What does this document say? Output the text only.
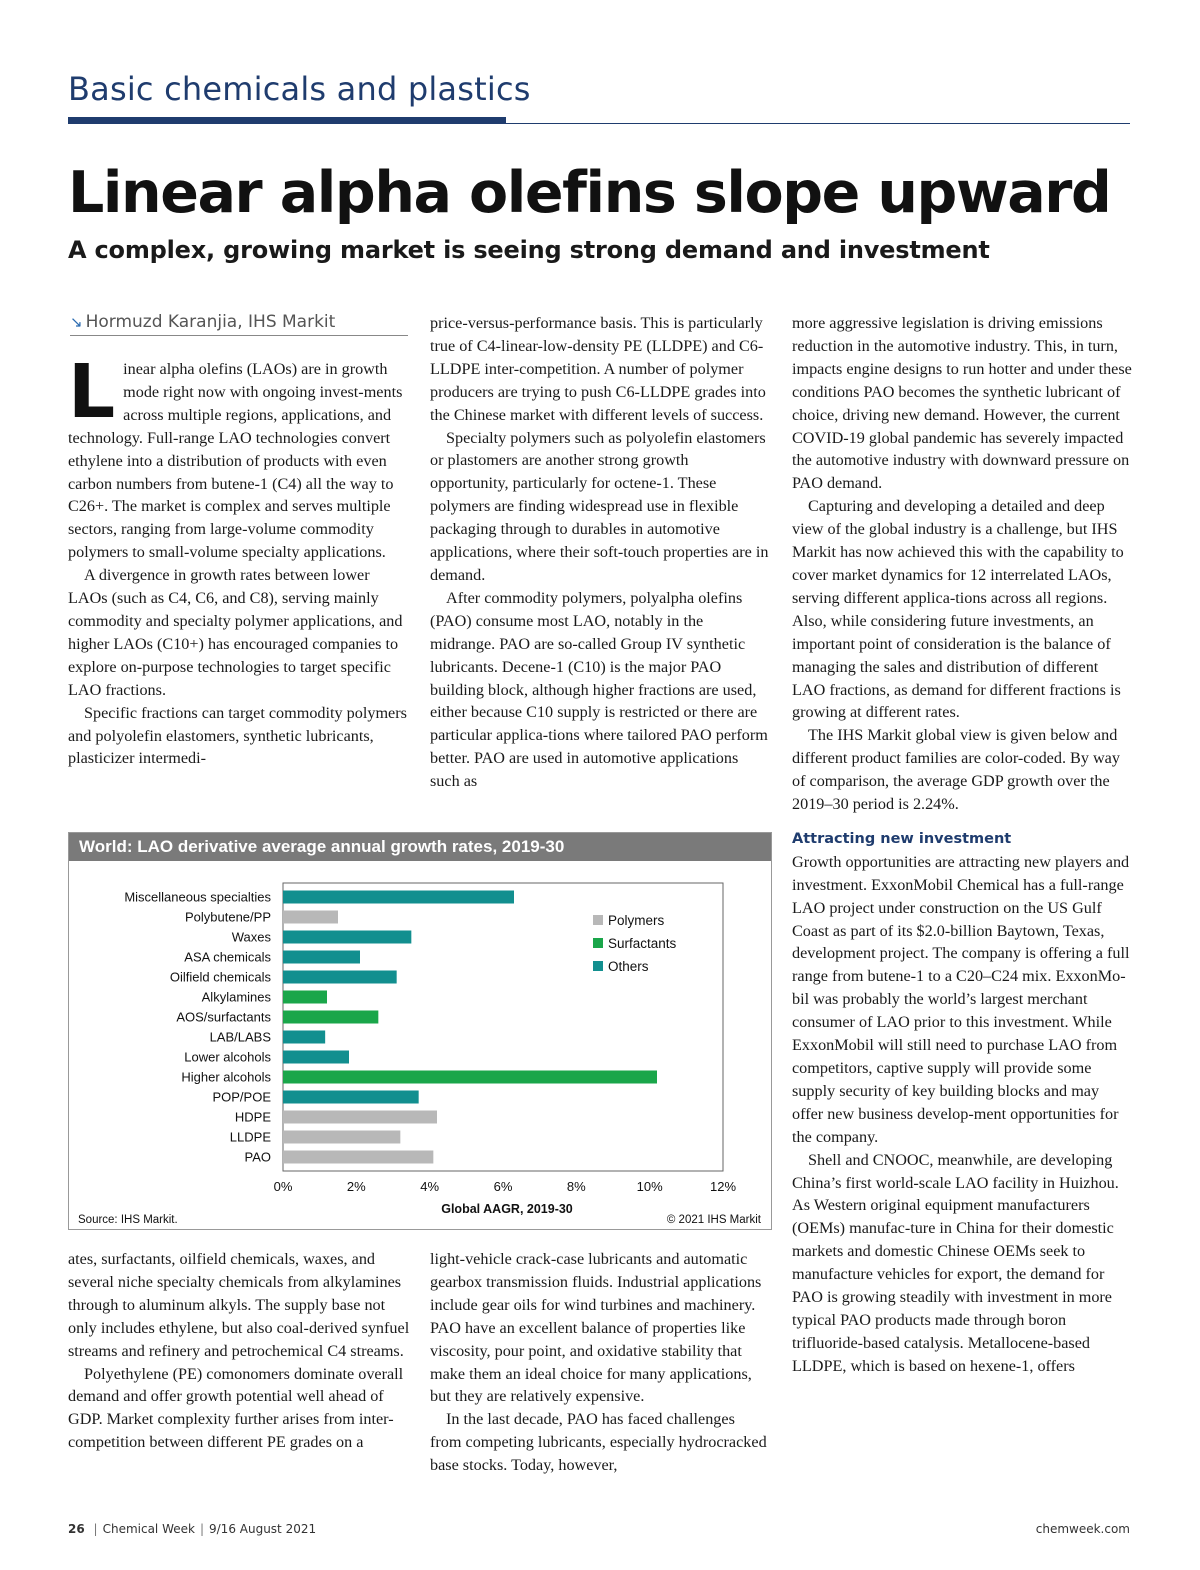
Basic chemicals and plastics
Linear alpha olefins slope upward
A complex, growing market is seeing strong demand and investment
↘ Hormuzd Karanjia, IHS Markit
L inear alpha olefins (LAOs) are in growth mode right now with ongoing invest-ments across multiple regions, applications, and technology. Full-range LAO technologies convert ethylene into a distribution of products with even carbon numbers from butene-1 (C4) all the way to C26+. The market is complex and serves multiple sectors, ranging from large-volume commodity polymers to small-volume specialty applications.

A divergence in growth rates between lower LAOs (such as C4, C6, and C8), serving mainly commodity and specialty polymer applications, and higher LAOs (C10+) has encouraged companies to explore on-purpose technologies to target specific LAO fractions.

Specific fractions can target commodity polymers and polyolefin elastomers, synthetic lubricants, plasticizer intermedi-

price-versus-performance basis. This is particularly true of C4-linear-low-density PE (LLDPE) and C6-LLDPE inter-competition. A number of polymer producers are trying to push C6-LLDPE grades into the Chinese market with different levels of success.

Specialty polymers such as polyolefin elastomers or plastomers are another strong growth opportunity, particularly for octene-1. These polymers are finding widespread use in flexible packaging through to durables in automotive applications, where their soft-touch properties are in demand.

After commodity polymers, polyalpha olefins (PAO) consume most LAO, notably in the midrange. PAO are so-called Group IV synthetic lubricants. Decene-1 (C10) is the major PAO building block, although higher fractions are used, either because C10 supply is restricted or there are particular applica-tions where tailored PAO perform better. PAO are used in automotive applications such as

more aggressive legislation is driving emissions reduction in the automotive industry. This, in turn, impacts engine designs to run hotter and under these conditions PAO becomes the synthetic lubricant of choice, driving new demand. However, the current COVID-19 global pandemic has severely impacted the automotive industry with downward pressure on PAO demand.

Capturing and developing a detailed and deep view of the global industry is a challenge, but IHS Markit has now achieved this with the capability to cover market dynamics for 12 interrelated LAOs, serving different applica-tions across all regions. Also, while considering future investments, an important point of consideration is the balance of managing the sales and distribution of different LAO fractions, as demand for different fractions is growing at different rates.

The IHS Markit global view is given below and different product families are color-coded. By way of comparison, the average GDP growth over the 2019–30 period is 2.24%.

Attracting new investment

Growth opportunities are attracting new players and investment. ExxonMobil Chemical has a full-range LAO project under construction on the US Gulf Coast as part of its $2.0-billion Baytown, Texas, development project. The company is offering a full range from butene-1 to a C20–C24 mix. ExxonMo-bil was probably the world’s largest merchant consumer of LAO prior to this investment. While ExxonMobil will still need to purchase LAO from competitors, captive supply will provide some supply security of key building blocks and may offer new business develop-ment opportunities for the company.

Shell and CNOOC, meanwhile, are developing China’s first world-scale LAO facility in Huizhou. As Western original equipment manufacturers (OEMs) manufac-ture in China for their domestic markets and domestic Chinese OEMs seek to manufacture vehicles for export, the demand for PAO is growing steadily with investment in more typical PAO products made through boron trifluoride-based catalysis. Metallocene-based LLDPE, which is based on hexene-1, offers

World: LAO derivative average annual growth rates, 2019-30
Miscellaneous specialties
Polybutene/PP
Waxes
ASA chemicals
Oilfield chemicals
Alkylamines
AOS/surfactants
LAB/LABS
Lower alcohols
Higher alcohols
POP/POE
HDPE
LLDPE
PAO
0%	2%	4%	6%	8%	10%	12%
Global AAGR, 2019-30
Polymers
Surfactants
Others
Source: IHS Markit.	© 2021 IHS Markit

ates, surfactants, oilfield chemicals, waxes, and several niche specialty chemicals from alkylamines through to aluminum alkyls. The supply base not only includes ethylene, but also coal-derived synfuel streams and refinery and petrochemical C4 streams.

Polyethylene (PE) comonomers dominate overall demand and offer growth potential well ahead of GDP. Market complexity further arises from inter-competition between different PE grades on a

light-vehicle crack-case lubricants and automatic gearbox transmission fluids. Industrial applications include gear oils for wind turbines and machinery. PAO have an excellent balance of properties like viscosity, pour point, and oxidative stability that make them an ideal choice for many applications, but they are relatively expensive.

In the last decade, PAO has faced challenges from competing lubricants, especially hydrocracked base stocks. Today, however,

26 | Chemical Week | 9/16 August 2021	chemweek.com
